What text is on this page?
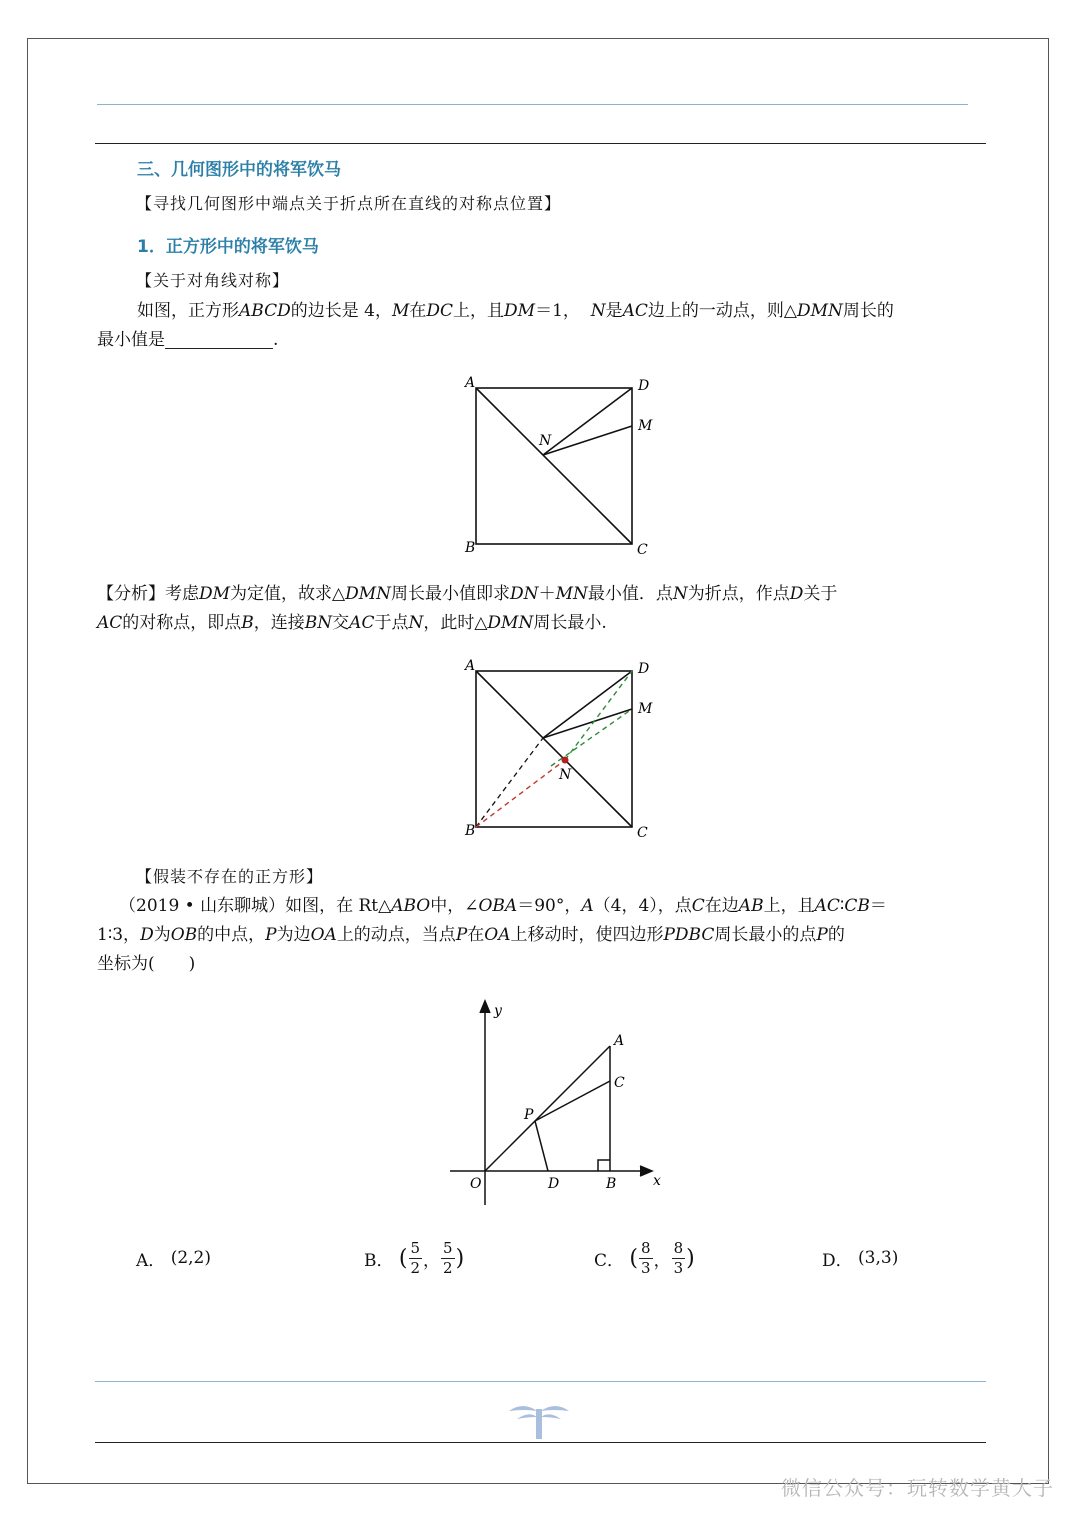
三、几何图形中的将军饮马
【寻找几何图形中端点关于折点所在直线的对称点位置】
1．正方形中的将军饮马
【关于对角线对称】
如图，正方形ABCD的边长是 4，M在DC上，且DM＝1， N是AC边上的一动点，则△DMN周长的
最小值是	.
A	D
M
N
B	C
【分析】考虑DM为定值，故求△DMN周长最小值即求DN＋MN最小值．点N为折点，作点D关于
AC的对称点，即点B，连接BN交AC于点N，此时△DMN周长最小.
A	D
M
N
B	C
【假装不存在的正方形】
（2019 • 山东聊城）如图，在 Rt△ABO中，∠OBA＝90°，A（4，4），点C在边AB上，且AC∶CB＝
1∶3，D为OB的中点，P为边OA上的动点，当点P在OA上移动时，使四边形PDBC周长最小的点P的
坐标为(　　)
y
x
O
A
C
P
D	B
A．
(2,2)	B．
( $\frac{5}{2}$ ， $\frac{5}{2}$ )	C．
( $\frac{8}{3}$ ， $\frac{8}{3}$ )	D．
(3,3)
微信公众号：玩转数学黄大子
